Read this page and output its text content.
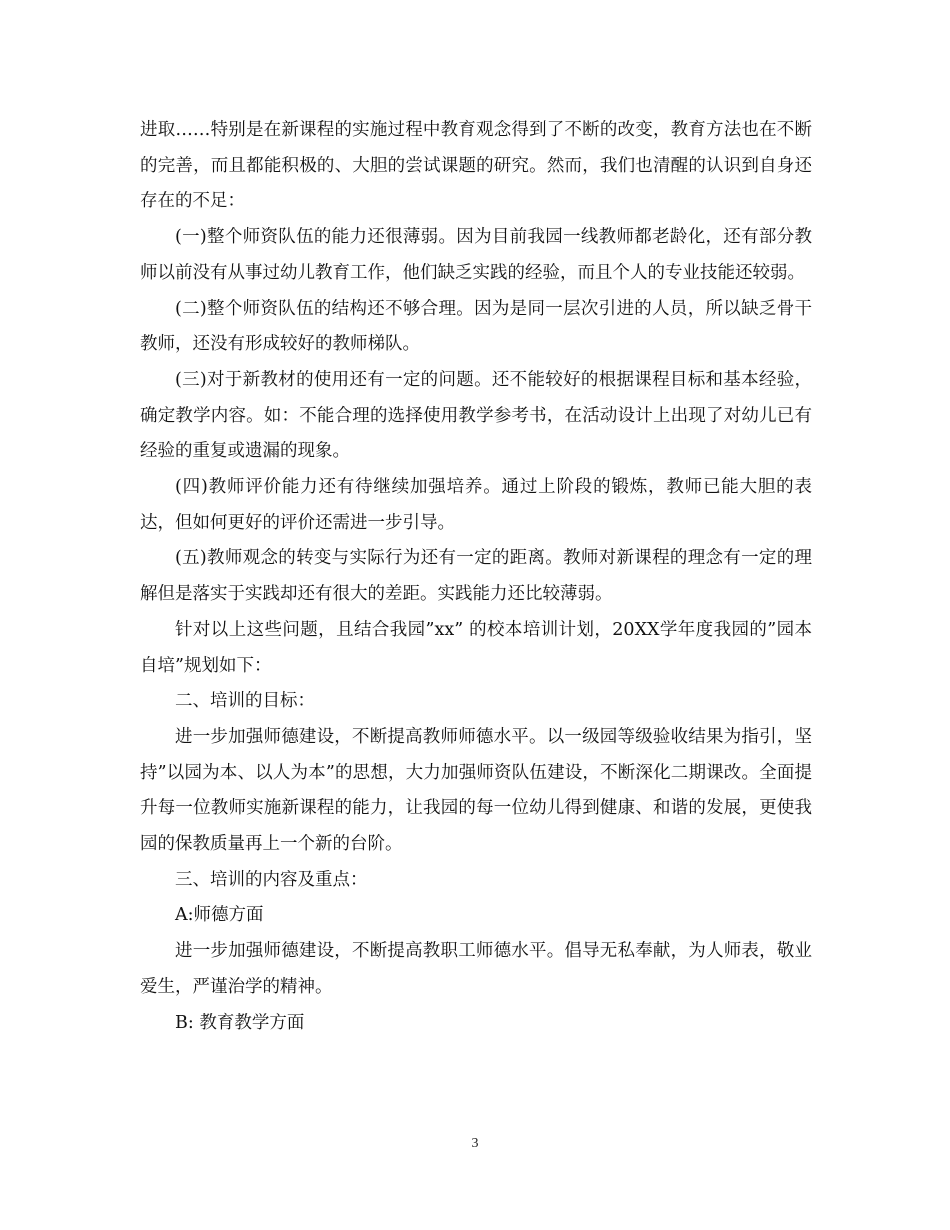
进取……特别是在新课程的实施过程中教育观念得到了不断的改变，教育方法也在不断的完善，而且都能积极的、大胆的尝试课题的研究。然而，我们也清醒的认识到自身还存在的不足：

(一)整个师资队伍的能力还很薄弱。因为目前我园一线教师都老龄化，还有部分教师以前没有从事过幼儿教育工作，他们缺乏实践的经验，而且个人的专业技能还较弱。

(二)整个师资队伍的结构还不够合理。因为是同一层次引进的人员，所以缺乏骨干教师，还没有形成较好的教师梯队。

(三)对于新教材的使用还有一定的问题。还不能较好的根据课程目标和基本经验，确定教学内容。如：不能合理的选择使用教学参考书，在活动设计上出现了对幼儿已有经验的重复或遗漏的现象。

(四)教师评价能力还有待继续加强培养。通过上阶段的锻炼，教师已能大胆的表达，但如何更好的评价还需进一步引导。

(五)教师观念的转变与实际行为还有一定的距离。教师对新课程的理念有一定的理解但是落实于实践却还有很大的差距。实践能力还比较薄弱。

针对以上这些问题，且结合我园”xx” 的校本培训计划，20XX学年度我园的”园本自培”规划如下：

二、培训的目标：

进一步加强师德建设，不断提高教师师德水平。以一级园等级验收结果为指引，坚持”以园为本、以人为本”的思想，大力加强师资队伍建设，不断深化二期课改。全面提升每一位教师实施新课程的能力，让我园的每一位幼儿得到健康、和谐的发展，更使我园的保教质量再上一个新的台阶。

三、培训的内容及重点：

A:师德方面

进一步加强师德建设，不断提高教职工师德水平。倡导无私奉献，为人师表，敬业爱生，严谨治学的精神。

B: 教育教学方面

3
